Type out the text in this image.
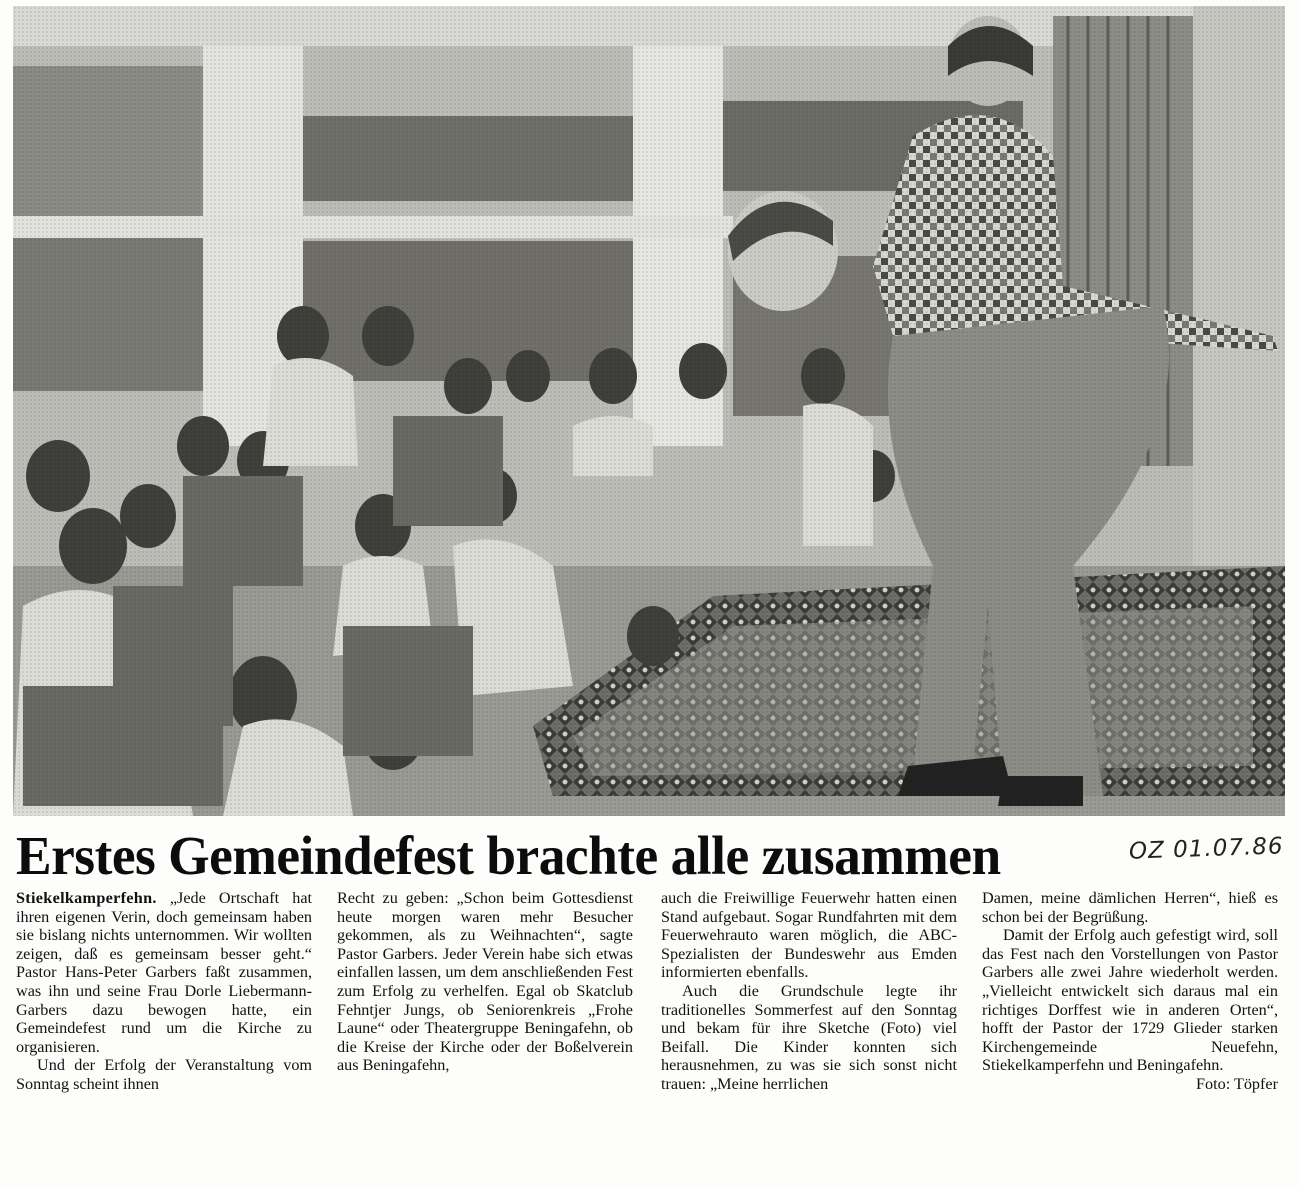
Erstes Gemeindefest brachte alle zusammen	OZ 01.07.86

Stiekelkamperfehn. „Jede Ortschaft hat ihren eigenen Verin, doch gemeinsam haben sie bislang nichts unternommen. Wir wollten zeigen, daß es gemeinsam besser geht.“ Pastor Hans-Peter Garbers faßt zusammen, was ihn und seine Frau Dorle Liebermann-Garbers dazu bewogen hatte, ein Gemeindefest rund um die Kirche zu organisieren.

Und der Erfolg der Veranstaltung vom Sonntag scheint ihnen

Recht zu geben: „Schon beim Gottesdienst heute morgen waren mehr Besucher gekommen, als zu Weihnachten“, sagte Pastor Garbers. Jeder Verein habe sich etwas einfallen lassen, um dem anschließenden Fest zum Erfolg zu verhelfen. Egal ob Skatclub Fehntjer Jungs, ob Seniorenkreis „Frohe Laune“ oder Theatergruppe Beningafehn, ob die Kreise der Kirche oder der Boßelverein aus Beningafehn,

auch die Freiwillige Feuerwehr hatten einen Stand aufgebaut. Sogar Rundfahrten mit dem Feuerwehrauto waren möglich, die ABC-Spezialisten der Bundeswehr aus Emden informierten ebenfalls.

Auch die Grundschule legte ihr traditionelles Sommerfest auf den Sonntag und bekam für ihre Sketche (Foto) viel Beifall. Die Kinder konnten sich herausnehmen, zu was sie sich sonst nicht trauen: „Meine herrlichen

Damen, meine dämlichen Herren“, hieß es schon bei der Begrüßung.

Damit der Erfolg auch gefestigt wird, soll das Fest nach den Vorstellungen von Pastor Garbers alle zwei Jahre wiederholt werden. „Vielleicht entwickelt sich daraus mal ein richtiges Dorffest wie in anderen Orten“, hofft der Pastor der 1729 Glieder starken Kirchengemeinde Neuefehn, Stiekelkamperfehn und Beningafehn.
Foto: Töpfer
